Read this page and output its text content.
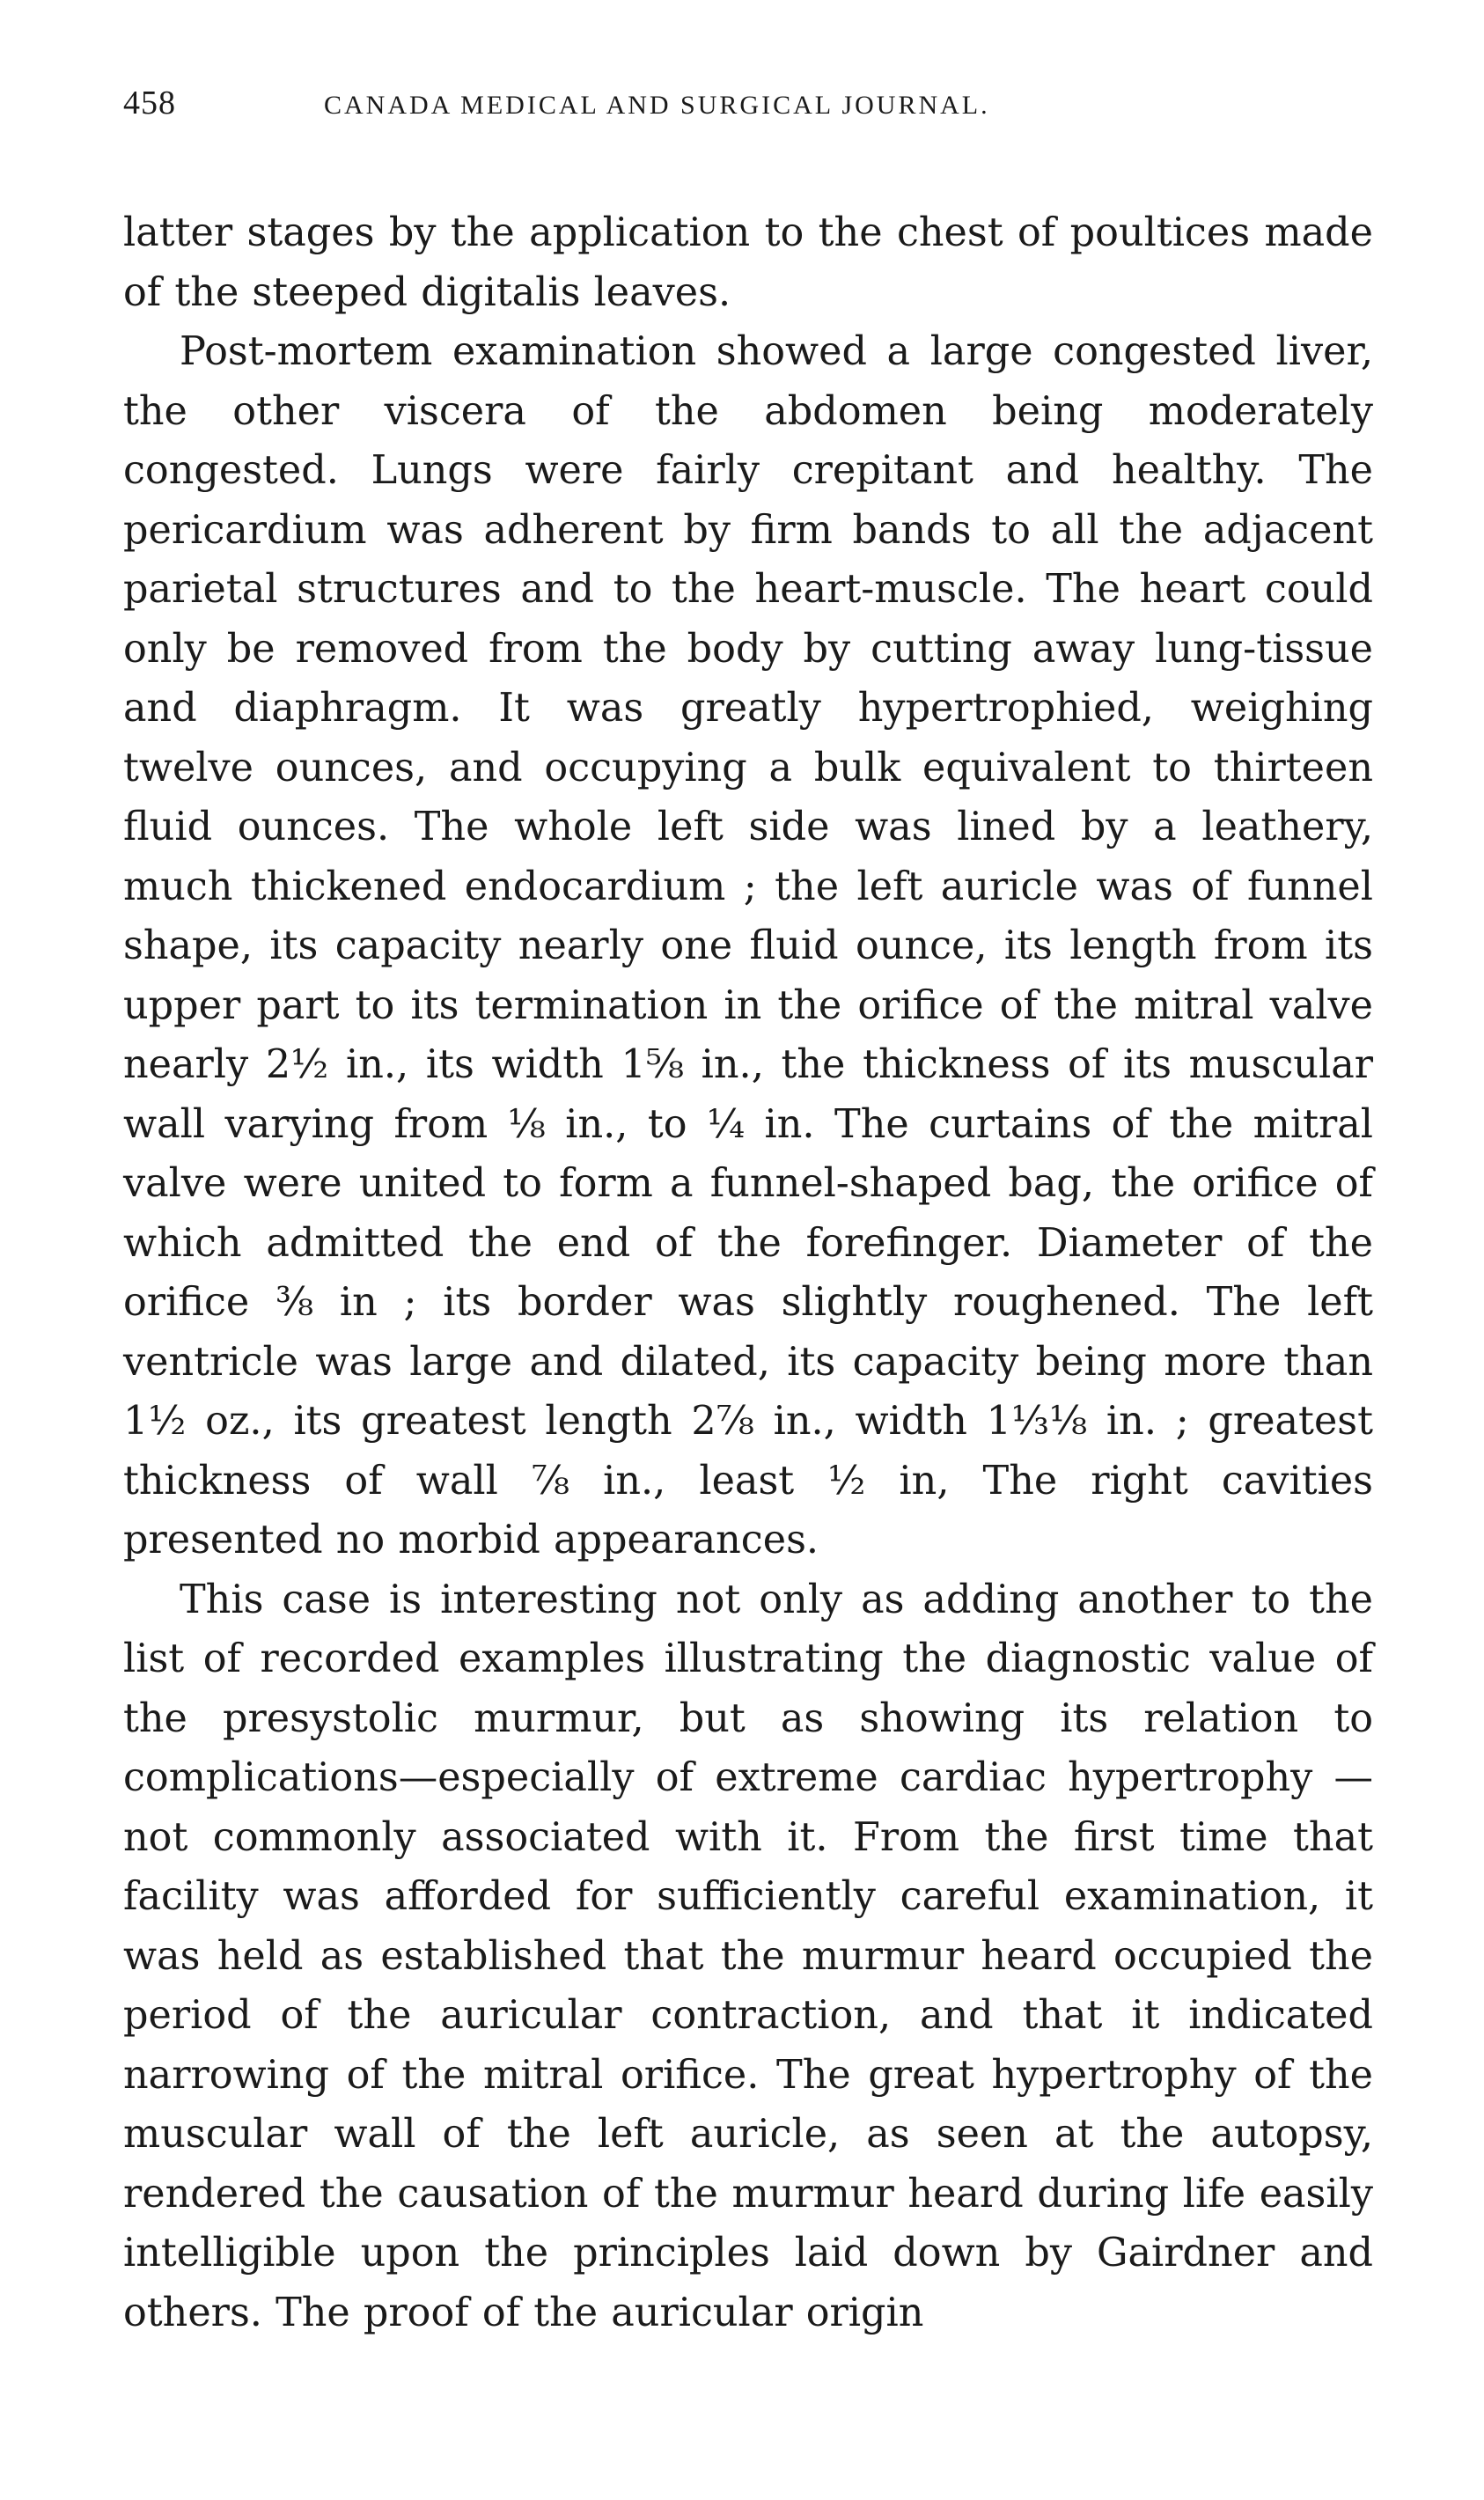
458	CANADA MEDICAL AND SURGICAL JOURNAL.

latter stages by the application to the chest of poultices made of the steeped digitalis leaves.

Post-mortem examination showed a large congested liver, the other viscera of the abdomen being moderately congested. Lungs were fairly crepitant and healthy. The pericardium was adherent by firm bands to all the adjacent parietal structures and to the heart-muscle. The heart could only be removed from the body by cutting away lung-tissue and diaphragm. It was greatly hypertrophied, weighing twelve ounces, and occupying a bulk equivalent to thirteen fluid ounces. The whole left side was lined by a leathery, much thickened endocardium ; the left auricle was of funnel shape, its capacity nearly one fluid ounce, its length from its upper part to its termination in the orifice of the mitral valve nearly 2½ in., its width 1⅝ in., the thickness of its muscular wall varying from ⅛ in., to ¼ in. The curtains of the mitral valve were united to form a funnel-shaped bag, the orifice of which admitted the end of the forefinger. Diameter of the orifice ⅜ in ; its border was slightly roughened. The left ventricle was large and dilated, its capacity being more than 1½ oz., its greatest length 2⅞ in., width 1⅓⅛ in. ; greatest thickness of wall ⅞ in., least ½ in, The right cavities presented no morbid appearances.

This case is interesting not only as adding another to the list of recorded examples illustrating the diagnostic value of the presystolic murmur, but as showing its relation to complications—especially of extreme cardiac hypertrophy —not commonly associated with it. From the first time that facility was afforded for sufficiently careful examination, it was held as established that the murmur heard occupied the period of the auricular contraction, and that it indicated narrowing of the mitral orifice. The great hypertrophy of the muscular wall of the left auricle, as seen at the autopsy, rendered the causation of the murmur heard during life easily intelligible upon the principles laid down by Gairdner and others. The proof of the auricular origin
